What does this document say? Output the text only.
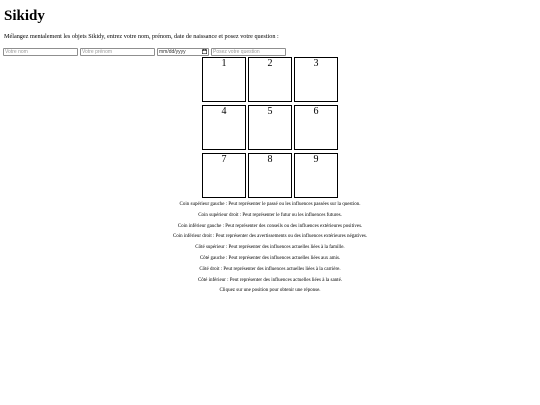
Sikidy
Mélangez mentalement les objets Sikidy, entrez votre nom, prénom, date de naissance et posez votre question :
Votre nom
Votre prénom
mm/dd/yyyy
Posez votre question
1	2	3
4	5	6
7	8	9

Coin supérieur gauche : Peut représenter le passé ou les influences passées sur la question.

Coin supérieur droit : Peut représenter le futur ou les influences futures.

Coin inférieur gauche : Peut représenter des conseils ou des influences extérieures positives.

Coin inférieur droit : Peut représenter des avertissements ou des influences extérieures négatives.

Côté supérieur : Peut représenter des influences actuelles liées à la famille.

Côté gauche : Peut représenter des influences actuelles liées aux amis.

Côté droit : Peut représenter des influences actuelles liées à la carrière.

Côté inférieur : Peut représenter des influences actuelles liées à la santé.

Cliquez sur une position pour obtenir une réponse.
